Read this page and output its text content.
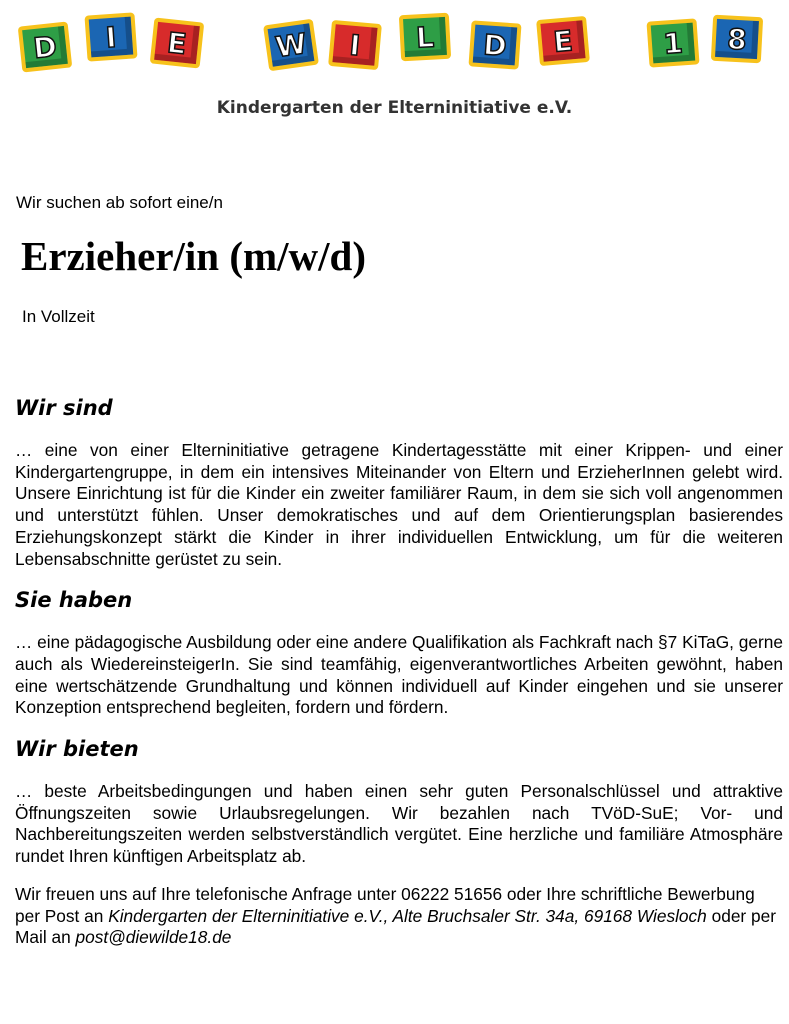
D	I	E	W	I	L	D	E	1	8
Kindergarten der Elterninitiative e.V.
Wir suchen ab sofort eine/n
Erzieher/in (m/w/d)
In Vollzeit
Wir sind

… eine von einer Elterninitiative getragene Kindertagesstätte mit einer Krippen- und einer Kindergartengruppe, in dem ein intensives Miteinander von Eltern und ErzieherInnen gelebt wird. Unsere Einrichtung ist für die Kinder ein zweiter familiärer Raum, in dem sie sich voll angenommen und unterstützt fühlen. Unser demokratisches und auf dem Orientierungsplan basierendes Erziehungskonzept stärkt die Kinder in ihrer individuellen Entwicklung, um für die weiteren Lebensabschnitte gerüstet zu sein.

Sie haben

… eine pädagogische Ausbildung oder eine andere Qualifikation als Fachkraft nach §7 KiTaG, gerne auch als WiedereinsteigerIn. Sie sind teamfähig, eigenverantwortliches Arbeiten gewöhnt, haben eine wertschätzende Grundhaltung und können individuell auf Kinder eingehen und sie unserer Konzeption entsprechend begleiten, fordern und fördern.

Wir bieten

… beste Arbeitsbedingungen und haben einen sehr guten Personalschlüssel und attraktive Öffnungszeiten sowie Urlaubsregelungen. Wir bezahlen nach TVöD-SuE; Vor- und Nachbereitungszeiten werden selbstverständlich vergütet. Eine herzliche und familiäre Atmosphäre rundet Ihren künftigen Arbeitsplatz ab.

Wir freuen uns auf Ihre telefonische Anfrage unter 06222 51656 oder Ihre schriftliche Bewerbung per Post an Kindergarten der Elterninitiative e.V., Alte Bruchsaler Str. 34a, 69168 Wiesloch oder per Mail an post@diewilde18.de
